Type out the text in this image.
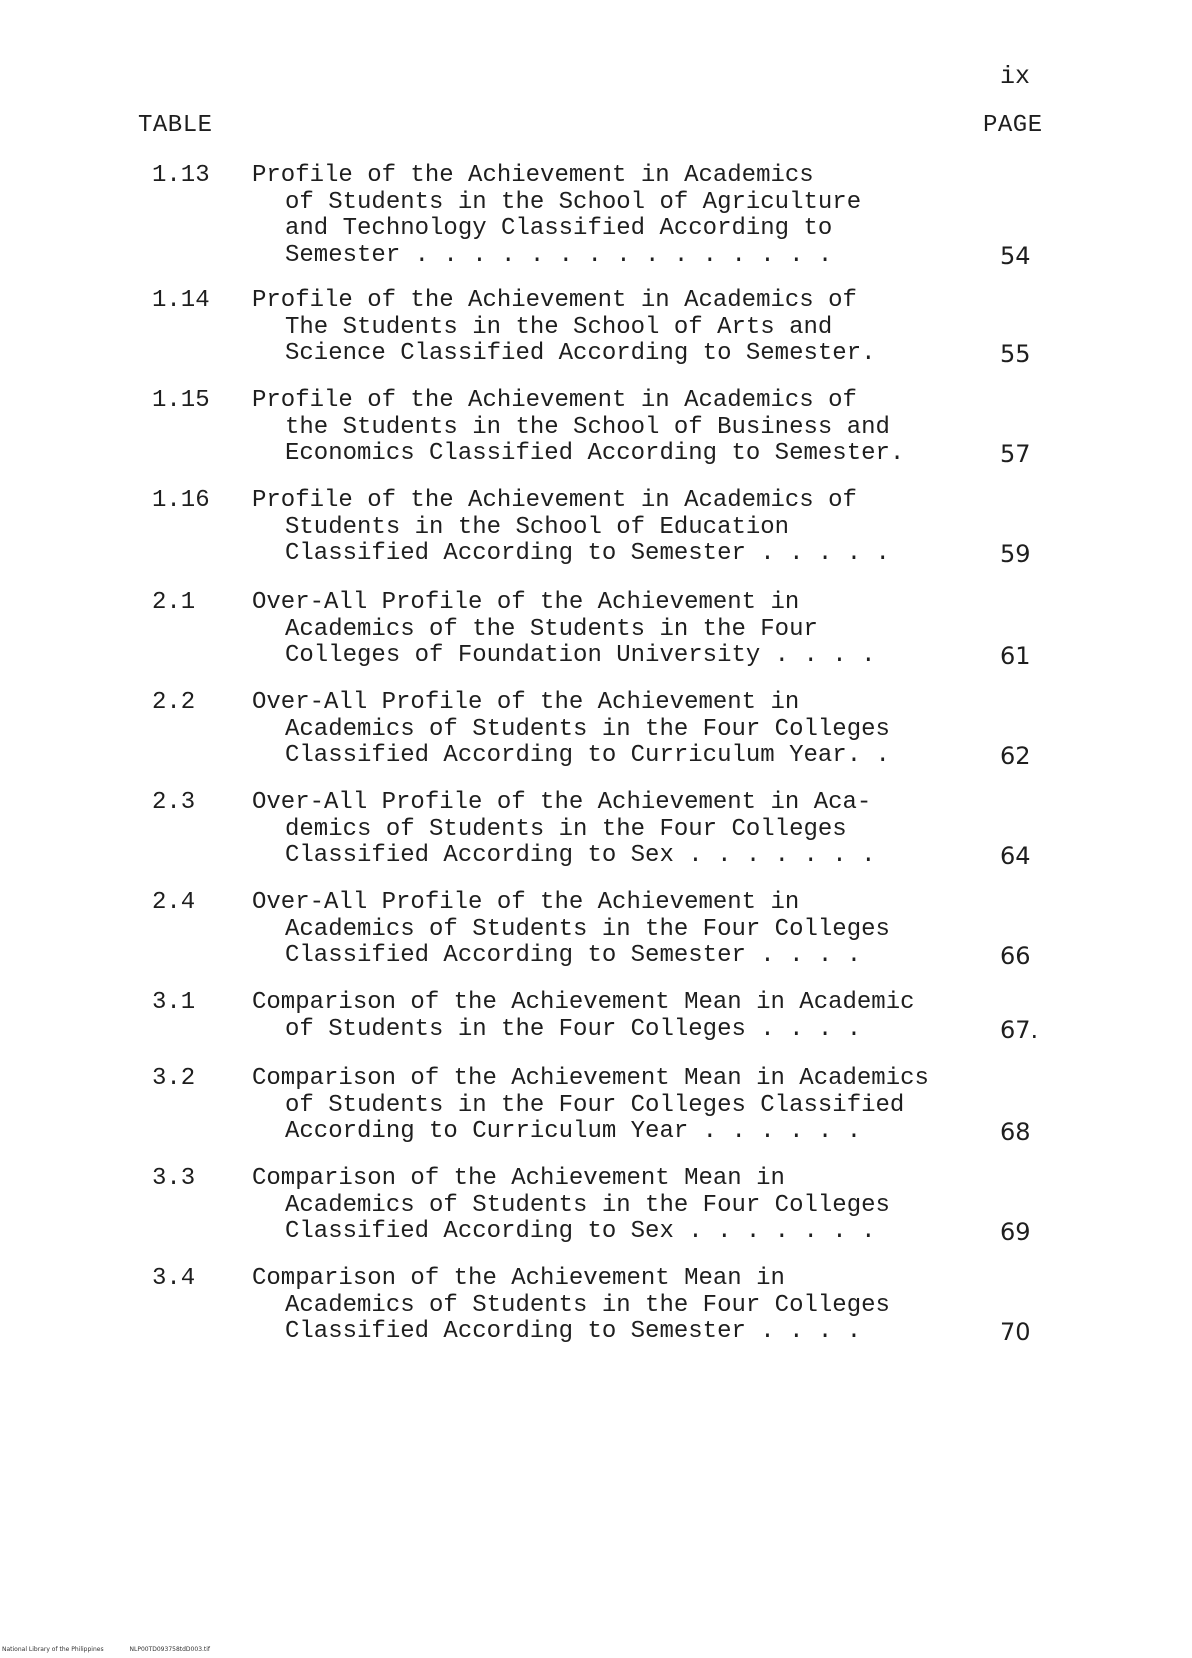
ix
TABLE	PAGE
1.13 Profile of the Achievement in Academics
of Students in the School of Agriculture
and Technology Classified According to
Semester . . . . . . . . . . . . . . .	54
1.14 Profile of the Achievement in Academics of
The Students in the School of Arts and
Science Classified According to Semester.	55
1.15 Profile of the Achievement in Academics of
the Students in the School of Business and
Economics Classified According to Semester.	57
1.16 Profile of the Achievement in Academics of
Students in the School of Education
Classified According to Semester . . . . .	59
2.1 Over-All Profile of the Achievement in
Academics of the Students in the Four
Colleges of Foundation University . . . .	61
2.2 Over-All Profile of the Achievement in
Academics of Students in the Four Colleges
Classified According to Curriculum Year. .	62
2.3 Over-All Profile of the Achievement in Aca-
demics of Students in the Four Colleges
Classified According to Sex . . . . . . .	64
2.4 Over-All Profile of the Achievement in
Academics of Students in the Four Colleges
Classified According to Semester . . . .	66
3.1 Comparison of the Achievement Mean in Academic
of Students in the Four Colleges . . . .	67.
3.2 Comparison of the Achievement Mean in Academics
of Students in the Four Colleges Classified
According to Curriculum Year . . . . . .	68
3.3 Comparison of the Achievement Mean in
Academics of Students in the Four Colleges
Classified According to Sex . . . . . . .	69
3.4 Comparison of the Achievement Mean in
Academics of Students in the Four Colleges
Classified According to Semester . . . .	70
National Library of the Philippines	NLP00TD093758tdD003.tif
